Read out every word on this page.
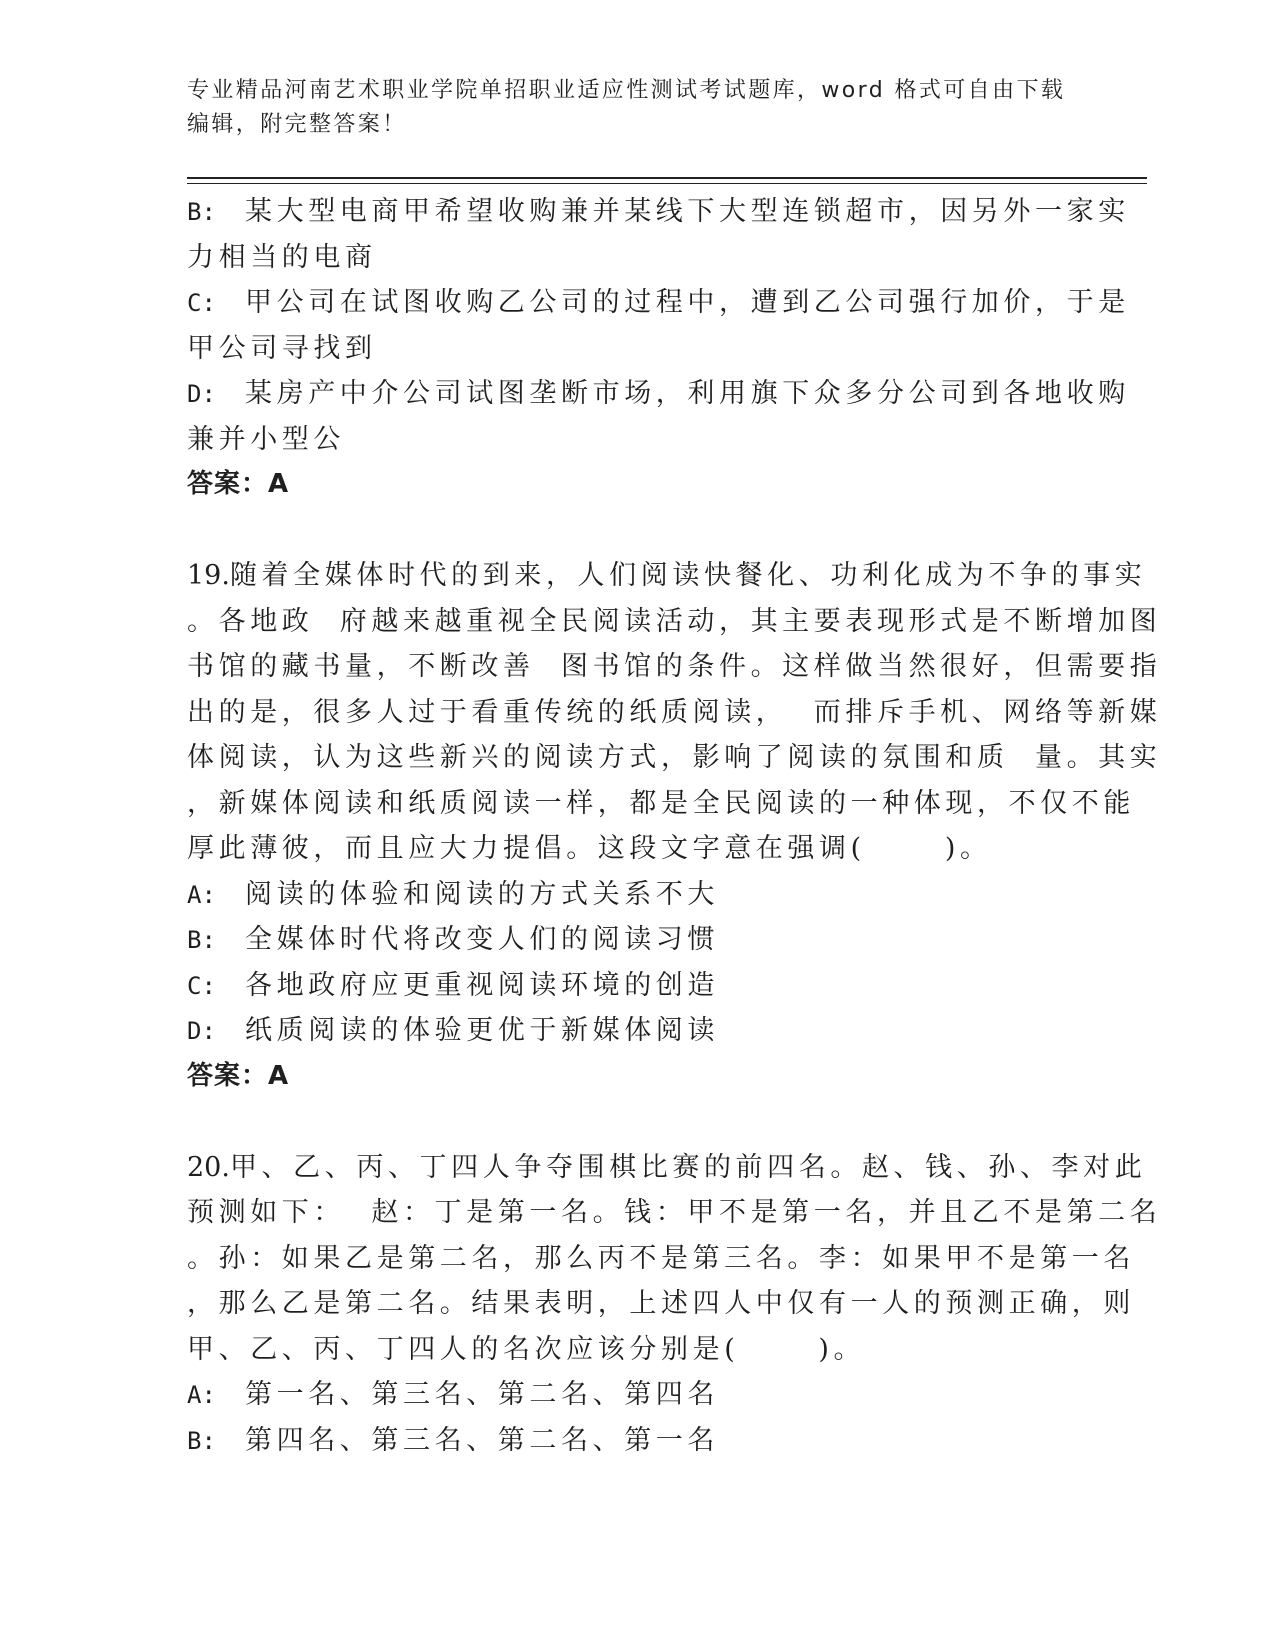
专业精品河南艺术职业学院单招职业适应性测试考试题库，word 格式可自由下载
编辑，附完整答案！
B: 某大型电商甲希望收购兼并某线下大型连锁超市，因另外一家实
力相当的电商
C: 甲公司在试图收购乙公司的过程中，遭到乙公司强行加价，于是
甲公司寻找到
D: 某房产中介公司试图垄断市场，利用旗下众多分公司到各地收购
兼并小型公
答案：A
19.随着全媒体时代的到来，人们阅读快餐化、功利化成为不争的事实
。各地政  府越来越重视全民阅读活动，其主要表现形式是不断增加图
书馆的藏书量，不断改善  图书馆的条件。这样做当然很好，但需要指
出的是，很多人过于看重传统的纸质阅读，  而排斥手机、网络等新媒
体阅读，认为这些新兴的阅读方式，影响了阅读的氛围和质  量。其实
，新媒体阅读和纸质阅读一样，都是全民阅读的一种体现，不仅不能
厚此薄彼，而且应大力提倡。这段文字意在强调(      )。
A: 阅读的体验和阅读的方式关系不大
B: 全媒体时代将改变人们的阅读习惯
C: 各地政府应更重视阅读环境的创造
D: 纸质阅读的体验更优于新媒体阅读
答案：A
20.甲、乙、丙、丁四人争夺围棋比赛的前四名。赵、钱、孙、李对此
预测如下：  赵：丁是第一名。钱：甲不是第一名，并且乙不是第二名
。孙：如果乙是第二名，那么丙不是第三名。李：如果甲不是第一名
，那么乙是第二名。结果表明，上述四人中仅有一人的预测正确，则
甲、乙、丙、丁四人的名次应该分别是(      )。
A: 第一名、第三名、第二名、第四名
B: 第四名、第三名、第二名、第一名
